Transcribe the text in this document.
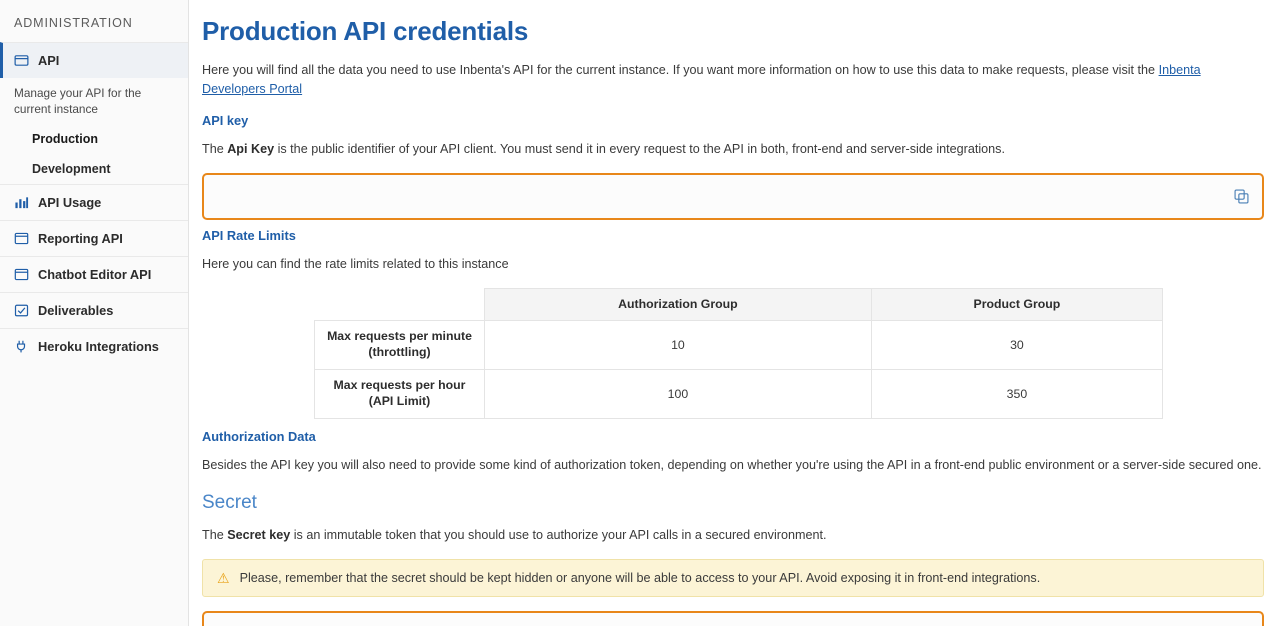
ADMINISTRATION
API
Manage your API for the current instance
Production
Development
API Usage
Reporting API
Chatbot Editor API
Deliverables
Heroku Integrations
Production API credentials

Here you will find all the data you need to use Inbenta's API for the current instance. If you want more information on how to use this data to make requests, please visit the Inbenta Developers Portal

API key

The Api Key is the public identifier of your API client. You must send it in every request to the API in both, front-end and server-side integrations.

API Rate Limits

Here you can find the rate limits related to this instance

	Authorization Group	Product Group
Max requests per minute (throttling)	10	30
Max requests per hour (API Limit)	100	350
Authorization Data

Besides the API key you will also need to provide some kind of authorization token, depending on whether you're using the API in a front-end public environment or a server-side secured one.

Secret

The Secret key is an immutable token that you should use to authorize your API calls in a secured environment.

⚠ Please, remember that the secret should be kept hidden or anyone will be able to access to your API. Avoid exposing it in front-end integrations.
